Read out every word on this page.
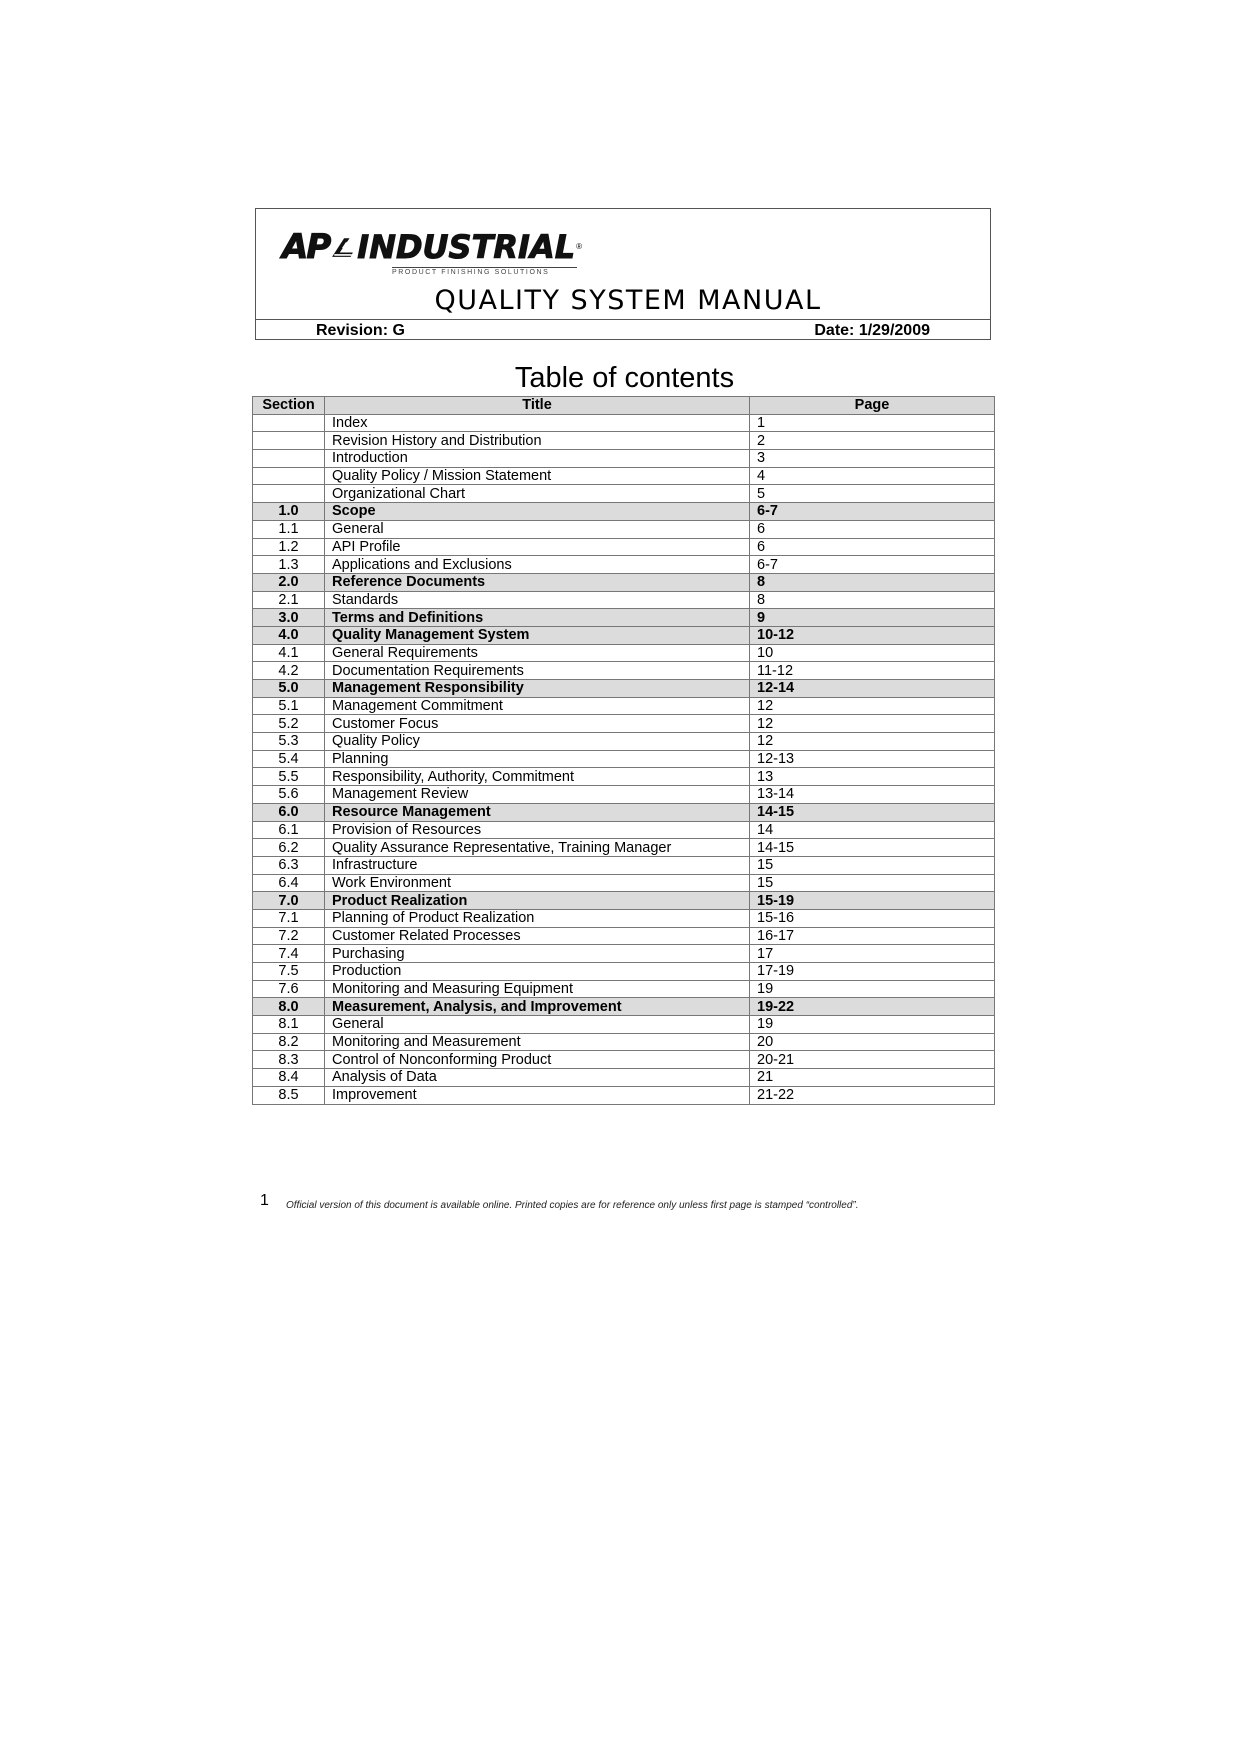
AP INDUSTRIAL ®
PRODUCT FINISHING SOLUTIONS
QUALITY SYSTEM MANUAL
Revision: G	Date: 1/29/2009
Table of contents
Section	Title	Page
	Index	1
	Revision History and Distribution	2
	Introduction	3
	Quality Policy / Mission Statement	4
	Organizational Chart	5
1.0	Scope	6-7
1.1	General	6
1.2	API Profile	6
1.3	Applications and Exclusions	6-7
2.0	Reference Documents	8
2.1	Standards	8
3.0	Terms and Definitions	9
4.0	Quality Management System	10-12
4.1	General Requirements	10
4.2	Documentation Requirements	11-12
5.0	Management Responsibility	12-14
5.1	Management Commitment	12
5.2	Customer Focus	12
5.3	Quality Policy	12
5.4	Planning	12-13
5.5	Responsibility, Authority, Commitment	13
5.6	Management Review	13-14
6.0	Resource Management	14-15
6.1	Provision of Resources	14
6.2	Quality Assurance Representative, Training Manager	14-15
6.3	Infrastructure	15
6.4	Work Environment	15
7.0	Product Realization	15-19
7.1	Planning of Product Realization	15-16
7.2	Customer Related Processes	16-17
7.4	Purchasing	17
7.5	Production	17-19
7.6	Monitoring and Measuring Equipment	19
8.0	Measurement, Analysis, and Improvement	19-22
8.1	General	19
8.2	Monitoring and Measurement	20
8.3	Control of Nonconforming Product	20-21
8.4	Analysis of Data	21
8.5	Improvement	21-22
1 Official version of this document is available online. Printed copies are for reference only unless first page is stamped “controlled”.
